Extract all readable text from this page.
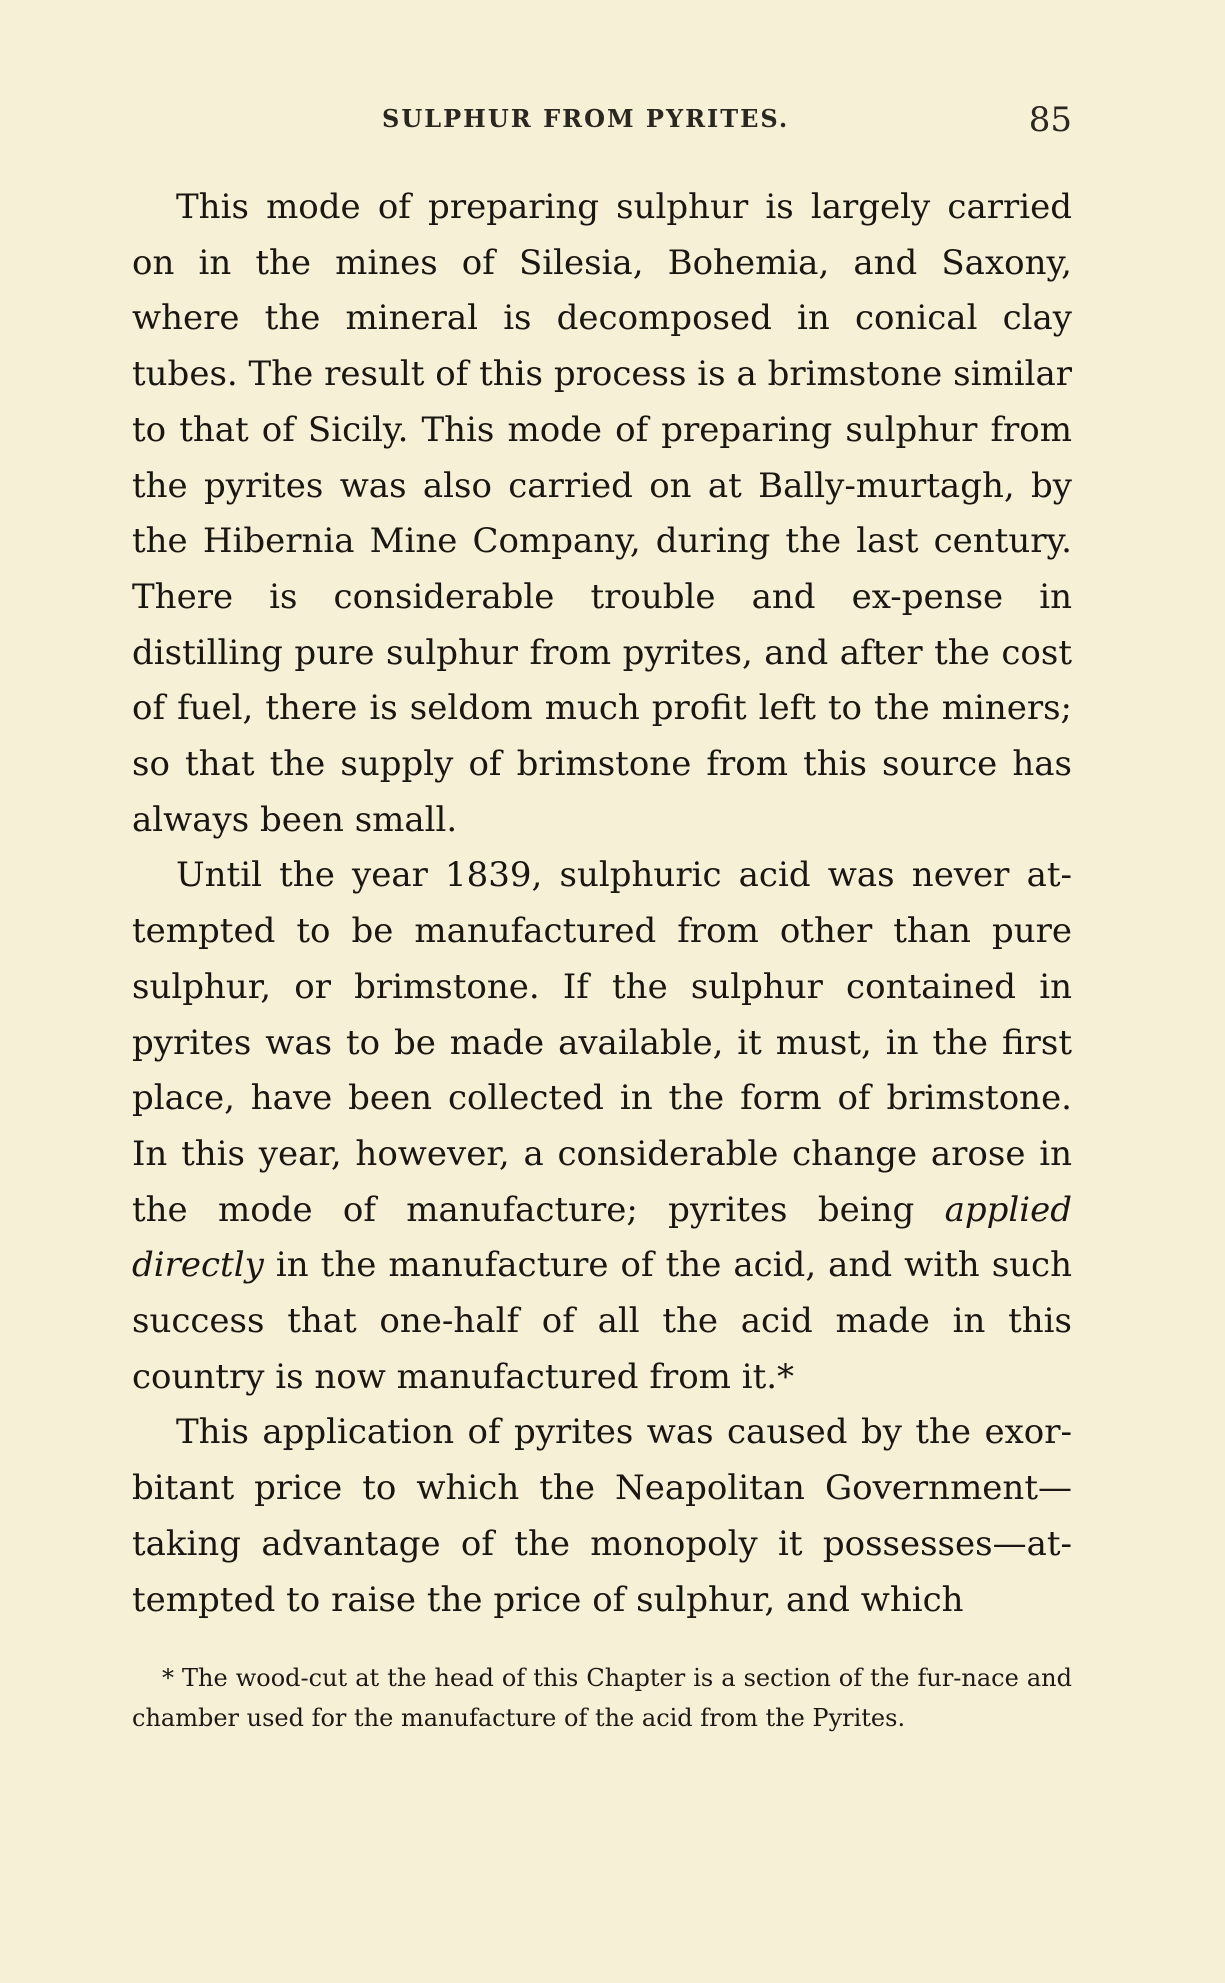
SULPHUR FROM PYRITES.	85

This mode of preparing sulphur is largely carried on in the mines of Silesia, Bohemia, and Saxony, where the mineral is decomposed in conical clay tubes. The result of this process is a brimstone similar to that of Sicily. This mode of preparing sulphur from the pyrites was also carried on at Bally-murtagh, by the Hibernia Mine Company, during the last century. There is considerable trouble and ex-pense in distilling pure sulphur from pyrites, and after the cost of fuel, there is seldom much profit left to the miners; so that the supply of brimstone from this source has always been small.

Until the year 1839, sulphuric acid was never at-tempted to be manufactured from other than pure sulphur, or brimstone. If the sulphur contained in pyrites was to be made available, it must, in the first place, have been collected in the form of brimstone. In this year, however, a considerable change arose in the mode of manufacture; pyrites being applied directly in the manufacture of the acid, and with such success that one-half of all the acid made in this country is now manufactured from it.*

This application of pyrites was caused by the exor-bitant price to which the Neapolitan Government—taking advantage of the monopoly it possesses—at-tempted to raise the price of sulphur, and which

* The wood-cut at the head of this Chapter is a section of the fur-nace and chamber used for the manufacture of the acid from the Pyrites.
